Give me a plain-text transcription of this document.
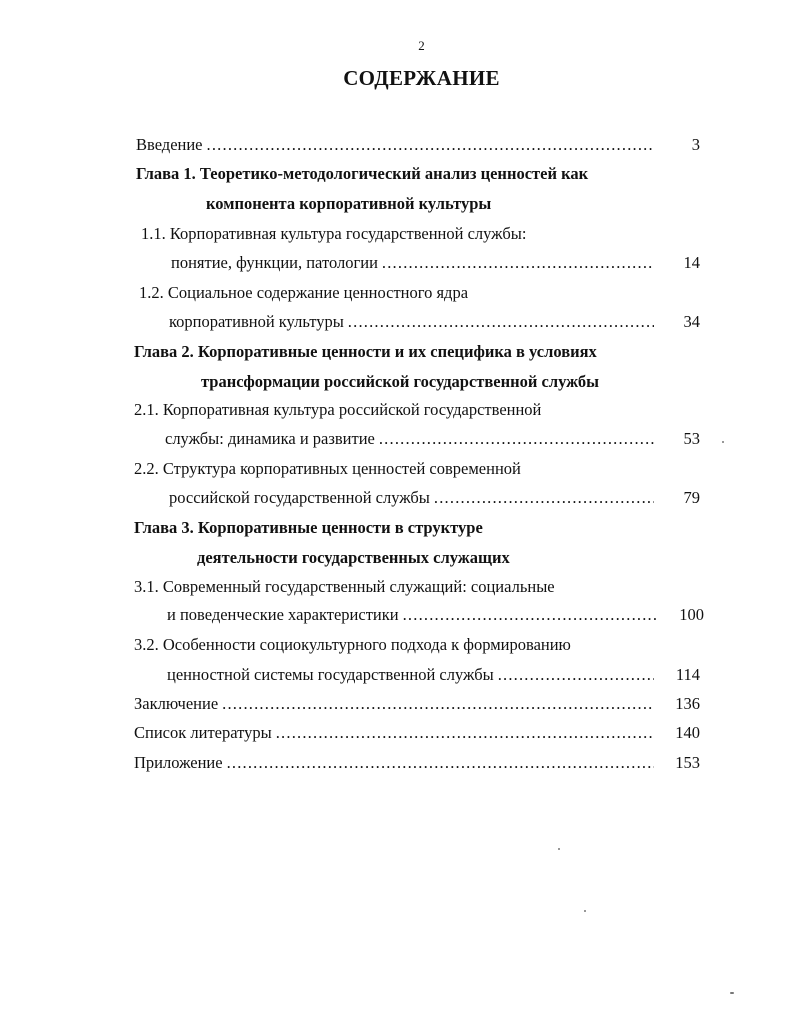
2
СОДЕРЖАНИЕ
Введение .....	3
Глава 1. Теоретико-методологический анализ ценностей как
компонента корпоративной культуры
1.1. Корпоративная культура государственной службы:
понятие, функции, патологии .....	14
1.2. Социальное содержание ценностного ядра
корпоративной культуры .....	34
Глава 2. Корпоративные ценности и их специфика в условиях
трансформации российской государственной службы
2.1. Корпоративная культура российской государственной
службы: динамика и развитие .....	53
2.2. Структура корпоративных ценностей современной
российской государственной службы .....	79
Глава 3. Корпоративные ценности в структуре
деятельности государственных служащих
3.1. Современный государственный служащий: социальные
и поведенческие характеристики .....	100
3.2. Особенности социокультурного подхода к формированию
ценностной системы государственной службы .....	114
Заключение .....	136
Список литературы .....	140
Приложение .....	153
